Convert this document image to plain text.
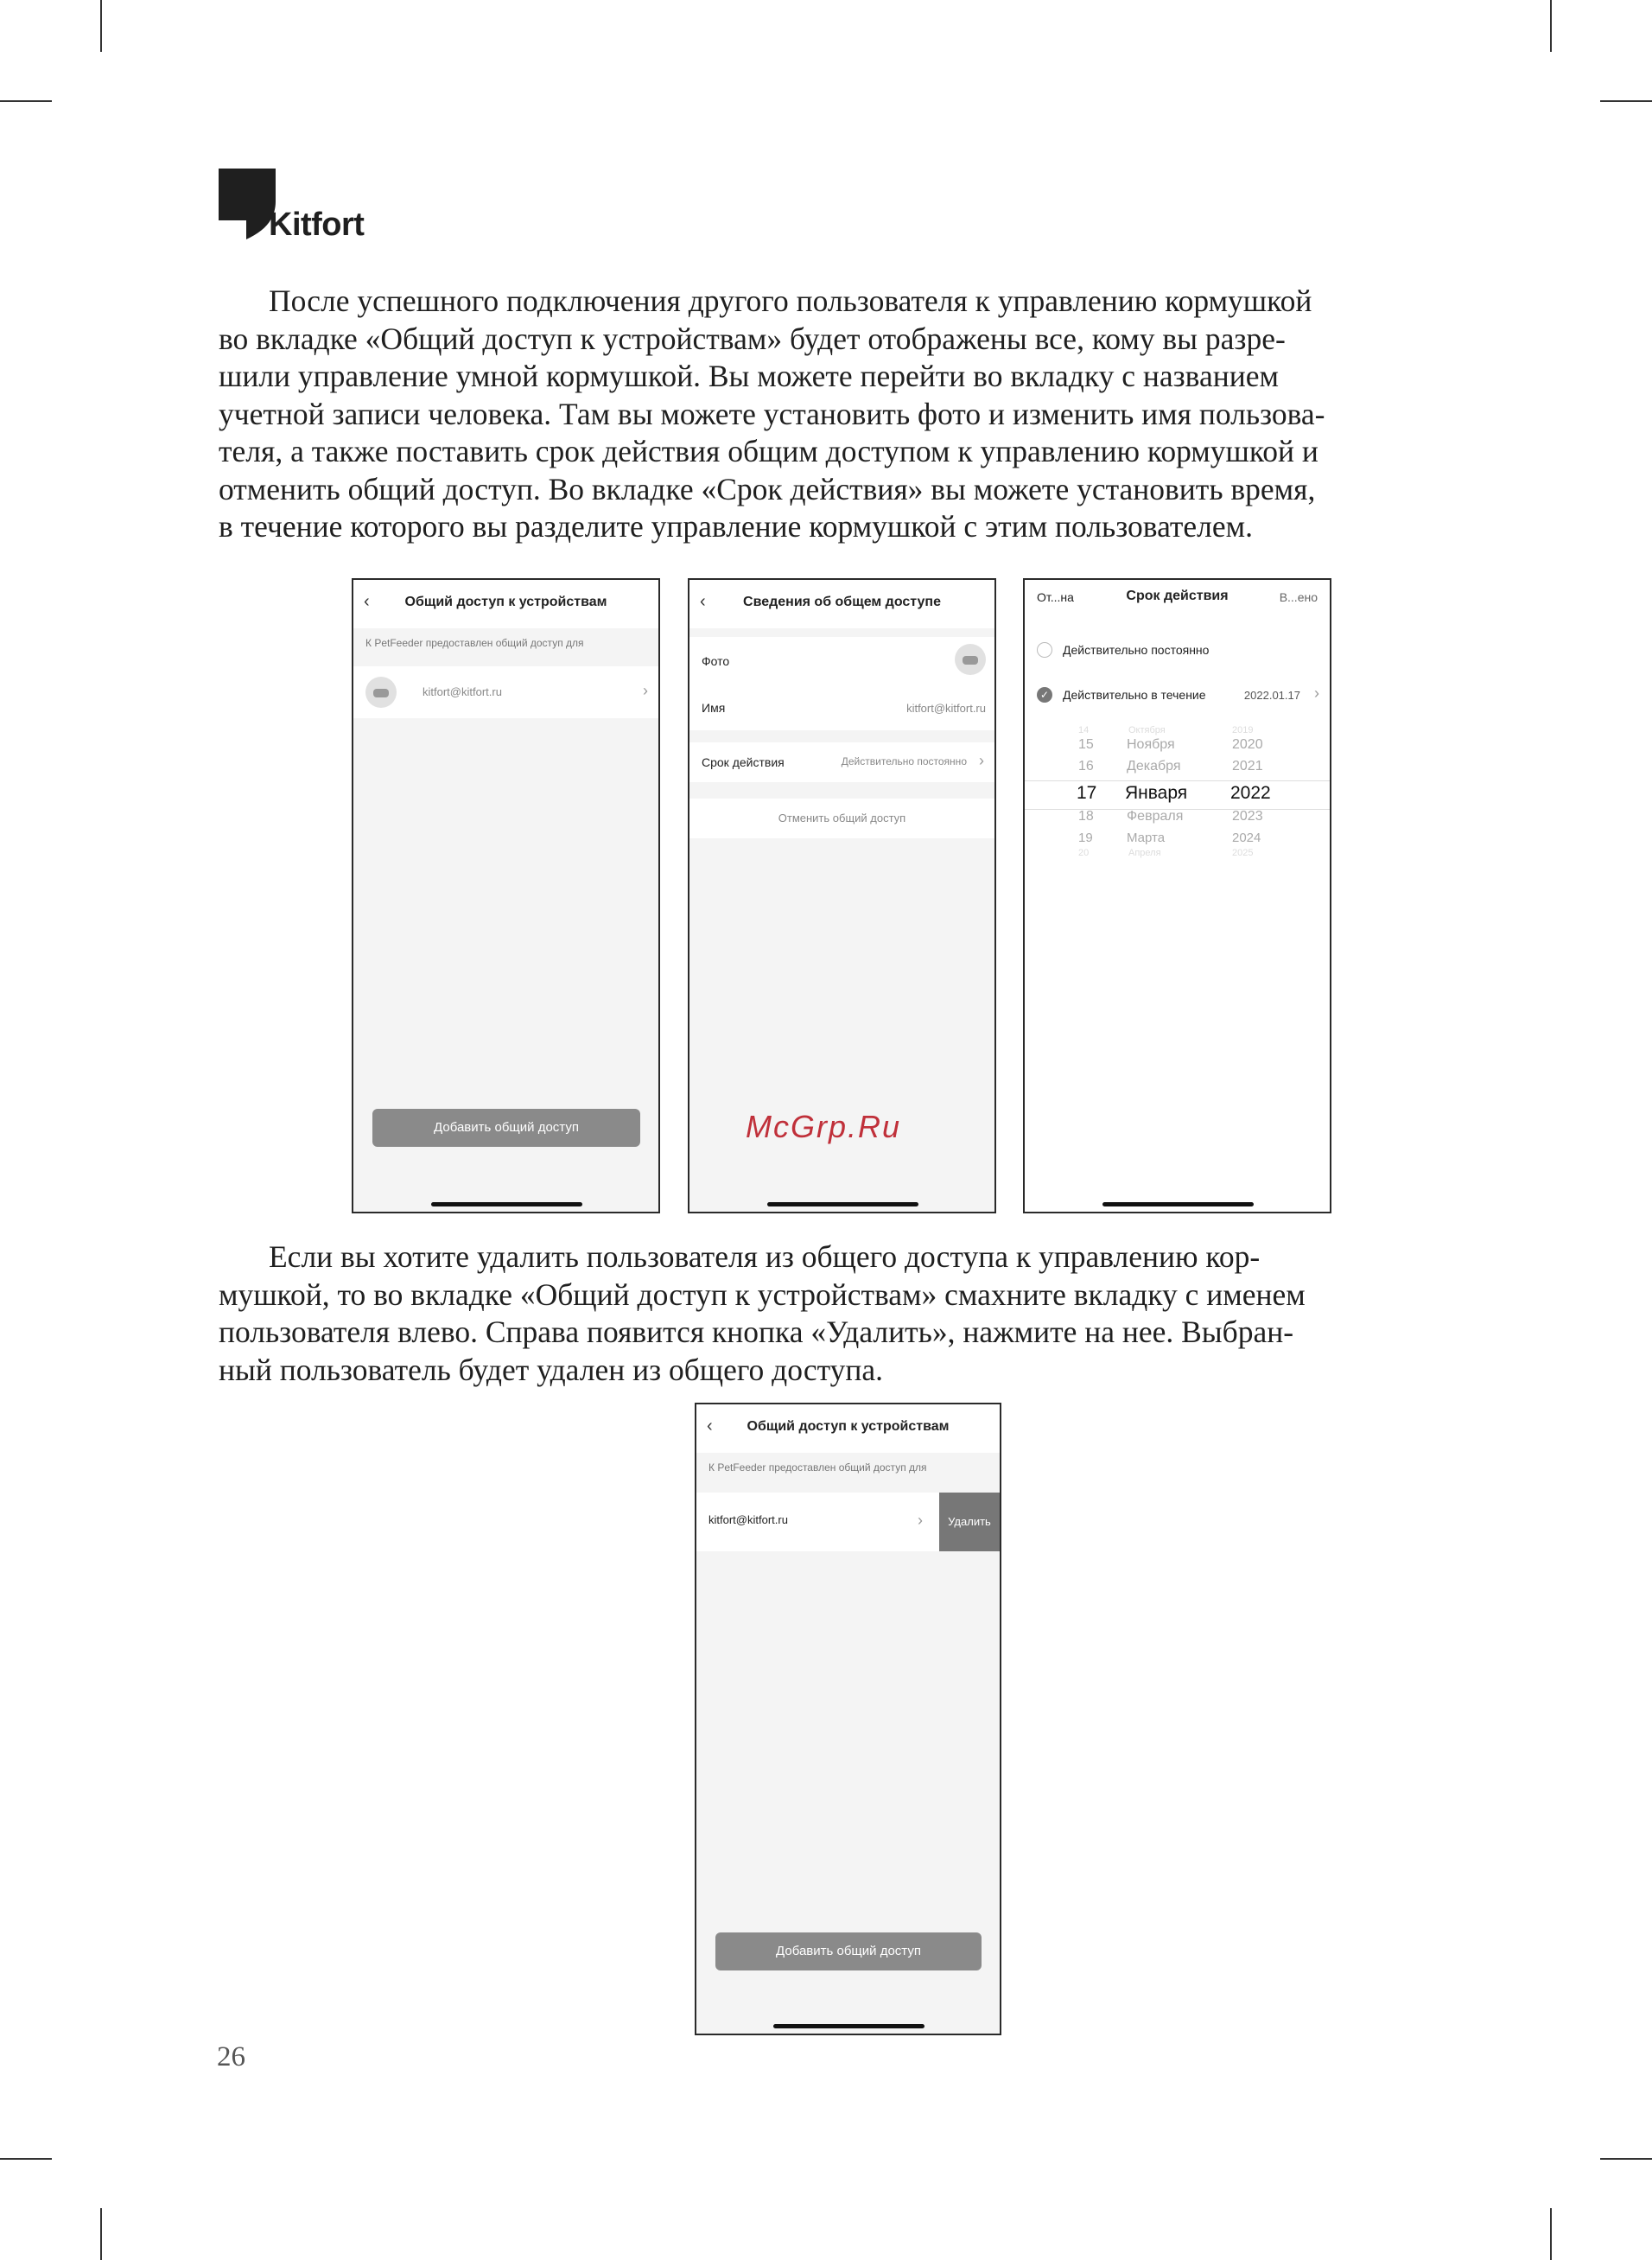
Kitfort

После успешного подключения другого пользователя к управлению кормушкой

во вкладке «Общий доступ к устройствам» будет отображены все, кому вы разре-
шили управление умной кормушкой. Вы можете перейти во вкладку с названием
учетной записи человека. Там вы можете установить фото и изменить имя пользова-
теля, а также поставить срок действия общим доступом к управлению кормушкой и
отменить общий доступ. Во вкладке «Срок действия» вы можете установить время,
в течение которого вы разделите управление кормушкой с этим пользователем.

‹	Общий доступ к устройствам
К PetFeeder предоставлен общий доступ для
kitfort@kitfort.ru	›
Добавить общий доступ
‹	Сведения об общем доступе
Фото
Имя	kitfort@kitfort.ru
Срок действия	Действительно постоянно ›
Отменить общий доступ
От...на	Срок действия	В...ено
Действительно постоянно
✓ Действительно в течение	2022.01.17 ›
14	Октября	2019
15 Ноября	2020
16 Декабря	2021
17 Января 2022
18 Февраля	2023
19	Марта	2024
20	Апреля	2025
McGrp.Ru

Если вы хотите удалить пользователя из общего доступа к управлению кор-

мушкой, то во вкладке «Общий доступ к устройствам» смахните вкладку с именем
пользователя влево. Справа появится кнопка «Удалить», нажмите на нее. Выбран-
ный пользователь будет удален из общего доступа.

‹	Общий доступ к устройствам
К PetFeeder предоставлен общий доступ для
kitfort@kitfort.ru	›	Удалить
Добавить общий доступ
26
